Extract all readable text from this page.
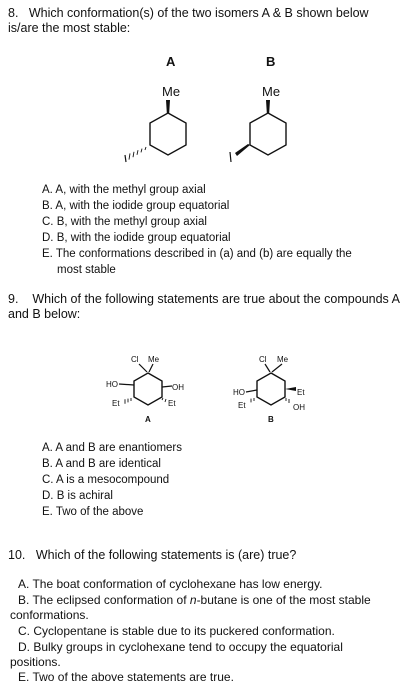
8. Which conformation(s) of the two isomers A & B shown below is/are the most stable:
A	B
Me	Me
A. A, with the methyl group axial
B. A, with the iodide group equatorial
C. B, with the methyl group axial
D. B, with the iodide group equatorial
E. The conformations described in (a) and (b) are equally the
most stable
9. Which of the following statements are true about the compounds A and B below:
Cl Me
HO	OH
Et	Et
A
Cl Me
HO
Et
Et
OH
B
A. A and B are enantiomers
B. A and B are identical
C. A is a mesocompound
D. B is achiral
E. Two of the above
10. Which of the following statements is (are) true?
A. The boat conformation of cyclohexane has low energy.
B. The eclipsed conformation of n-butane is one of the most stable
conformations.
C. Cyclopentane is stable due to its puckered conformation.
D. Bulky groups in cyclohexane tend to occupy the equatorial
positions.
E. Two of the above statements are true.
